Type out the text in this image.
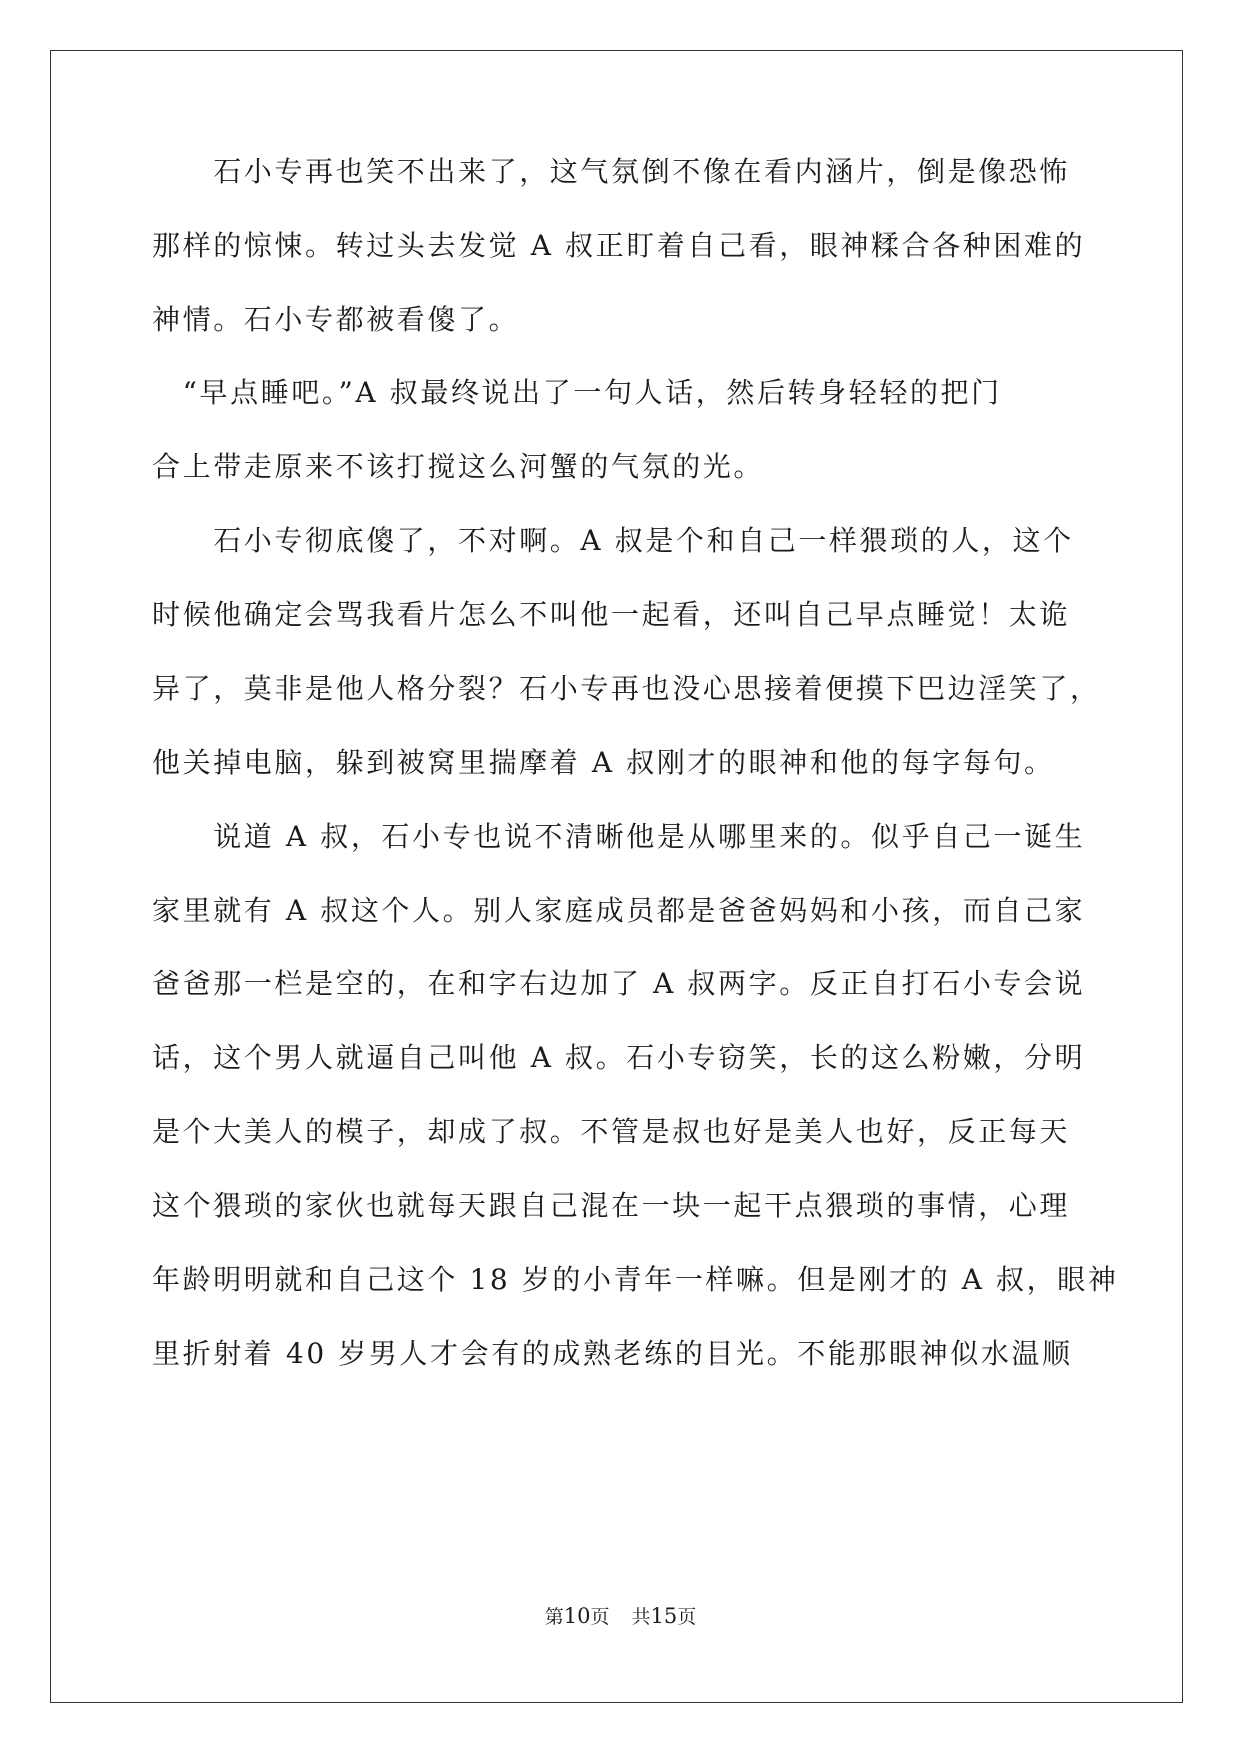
　　石小专再也笑不出来了，这气氛倒不像在看内涵片，倒是像恐怖
那样的惊悚。转过头去发觉 A 叔正盯着自己看，眼神糅合各种困难的
神情。石小专都被看傻了。
　“早点睡吧。”A 叔最终说出了一句人话，然后转身轻轻的把门
合上带走原来不该打搅这么河蟹的气氛的光。
　　石小专彻底傻了，不对啊。A 叔是个和自己一样猥琐的人，这个
时候他确定会骂我看片怎么不叫他一起看，还叫自己早点睡觉！太诡
异了，莫非是他人格分裂？石小专再也没心思接着便摸下巴边淫笑了，
他关掉电脑，躲到被窝里揣摩着 A 叔刚才的眼神和他的每字每句。
　　说道 A 叔，石小专也说不清晰他是从哪里来的。似乎自己一诞生
家里就有 A 叔这个人。别人家庭成员都是爸爸妈妈和小孩，而自己家
爸爸那一栏是空的，在和字右边加了 A 叔两字。反正自打石小专会说
话，这个男人就逼自己叫他 A 叔。石小专窃笑，长的这么粉嫩，分明
是个大美人的模子，却成了叔。不管是叔也好是美人也好，反正每天
这个猥琐的家伙也就每天跟自己混在一块一起干点猥琐的事情，心理
年龄明明就和自己这个 18 岁的小青年一样嘛。但是刚才的 A 叔，眼神
里折射着 40 岁男人才会有的成熟老练的目光。不能那眼神似水温顺
第10页 共15页
